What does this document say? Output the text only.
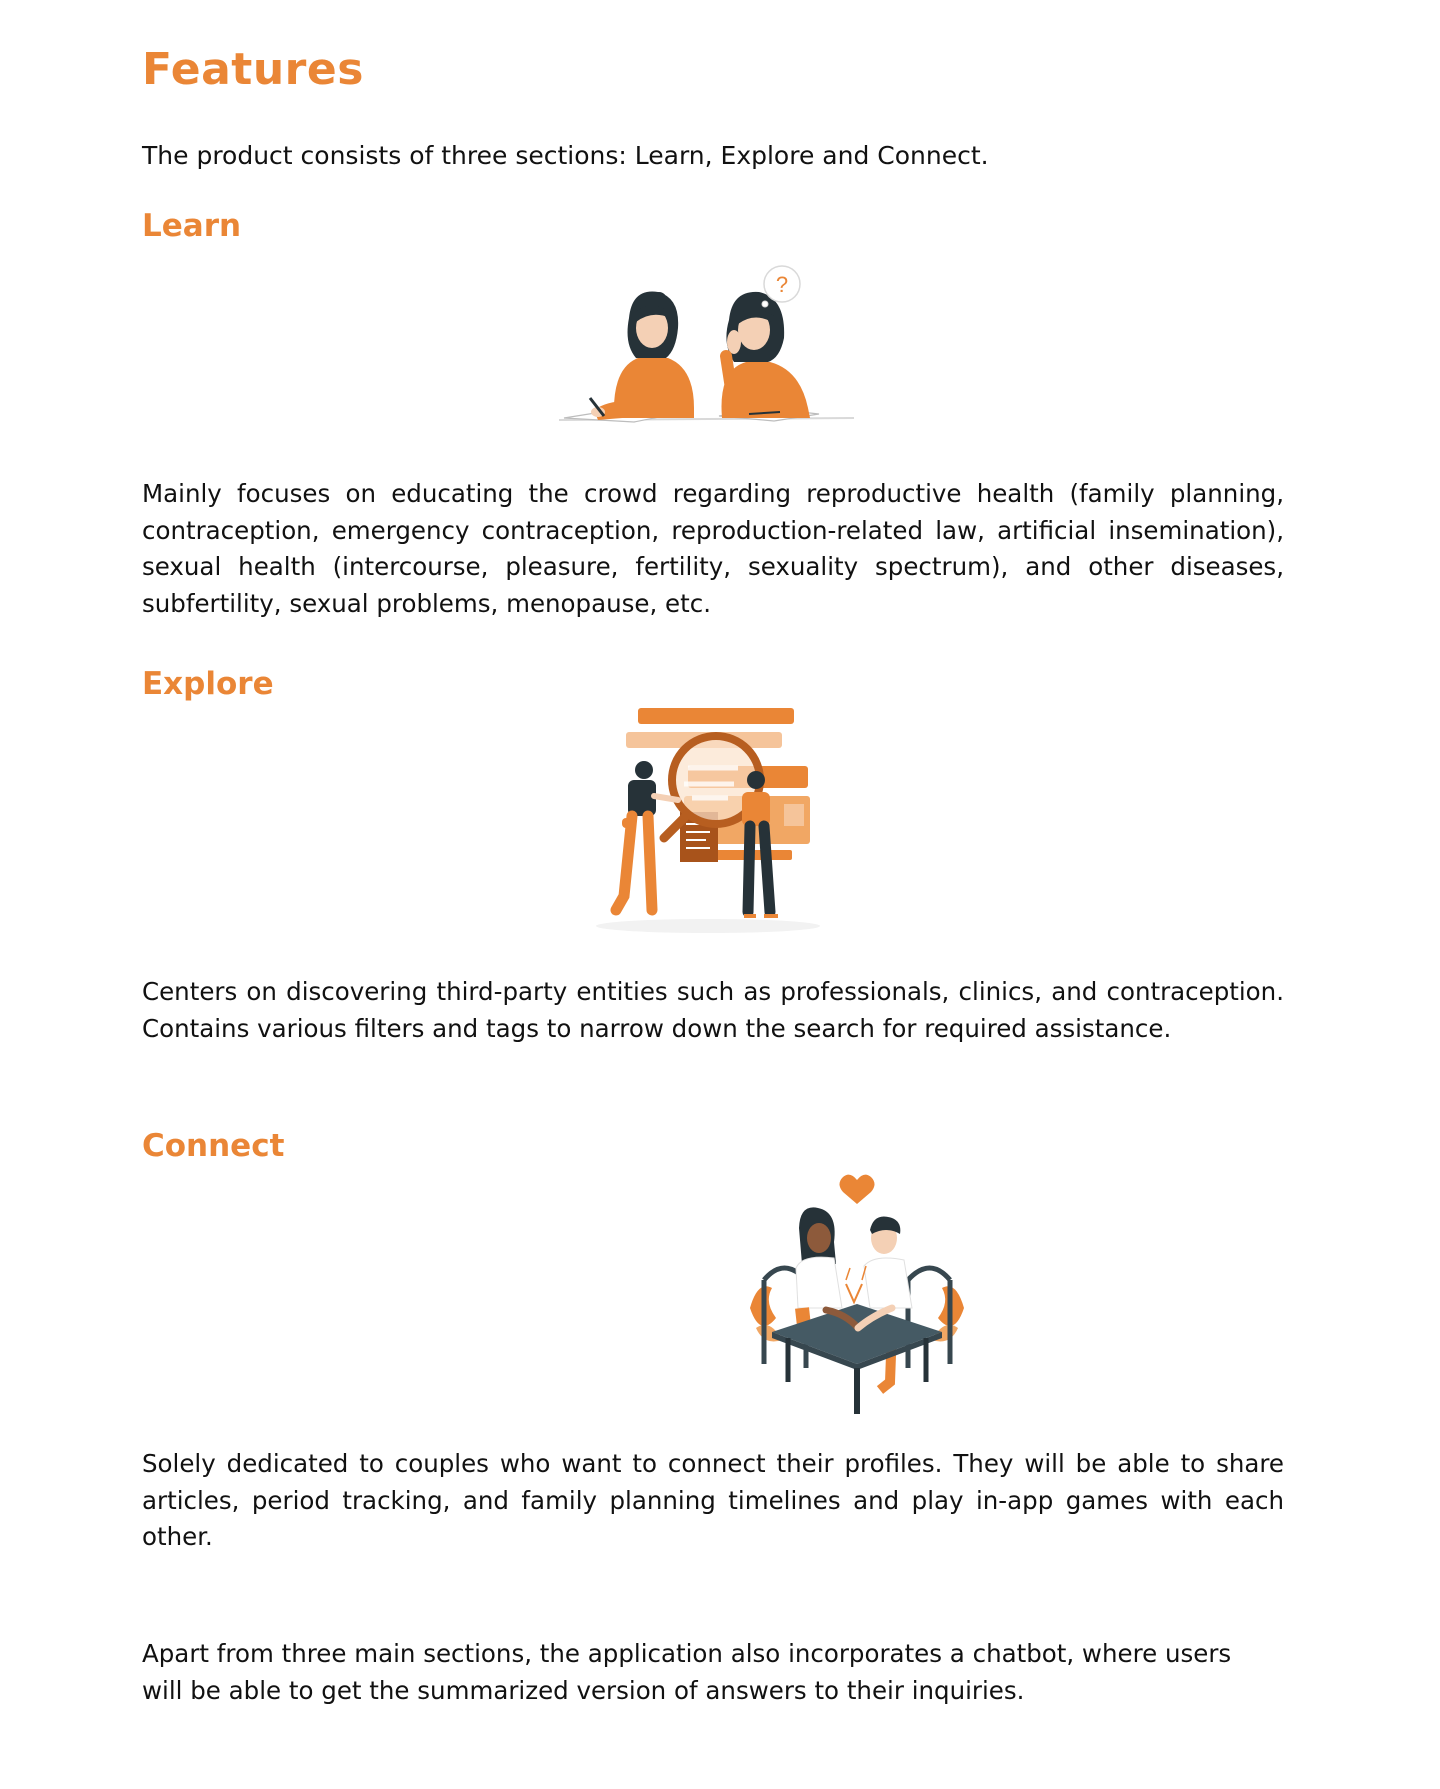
Features

The product consists of three sections: Learn, Explore and Connect.

Learn
?

Mainly focuses on educating the crowd regarding reproductive health (family planning, contraception, emergency contraception, reproduction-related law, artificial insemination), sexual health (intercourse, pleasure, fertility, sexuality spectrum), and other diseases, subfertility, sexual problems, menopause, etc.

Explore

Centers on discovering third-party entities such as professionals, clinics, and contraception. Contains various filters and tags to narrow down the search for required assistance.

Connect

Solely dedicated to couples who want to connect their profiles. They will be able to share articles, period tracking, and family planning timelines and play in-app games with each other.

Apart from three main sections, the application also incorporates a chatbot, where users will be able to get the summarized version of answers to their inquiries.
